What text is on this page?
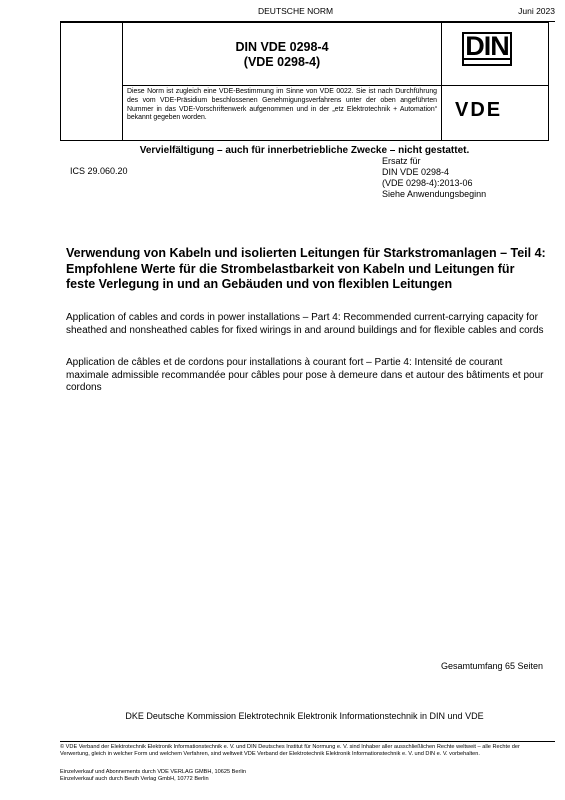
DEUTSCHE NORM	Juni 2023
DIN VDE 0298-4
(VDE 0298-4)
Diese Norm ist zugleich eine VDE-Bestimmung im Sinne von VDE 0022. Sie ist nach Durchführung des vom VDE-Präsidium beschlossenen Genehmigungsverfahrens unter der oben angeführten Nummer in das VDE-Vorschriftenwerk aufgenommen und in der „etz Elektrotechnik + Automation“ bekannt gegeben worden.
DIN
VDE
Vervielfältigung – auch für innerbetriebliche Zwecke – nicht gestattet.
ICS 29.060.20
Ersatz für
DIN VDE 0298-4
(VDE 0298-4):2013-06
Siehe Anwendungsbeginn
Verwendung von Kabeln und isolierten Leitungen für Starkstromanlagen – Teil 4: Empfohlene Werte für die Strombelastbarkeit von Kabeln und Leitungen für feste Verlegung in und an Gebäuden und von flexiblen Leitungen
Application of cables and cords in power installations – Part 4: Recommended current-carrying capacity for sheathed and nonsheathed cables for fixed wirings in and around buildings and for flexible cables and cords
Application de câbles et de cordons pour installations à courant fort – Partie 4: Intensité de courant maximale admissible recommandée pour câbles pour pose à demeure dans et autour des bâtiments et pour cordons
Gesamtumfang 65 Seiten
DKE Deutsche Kommission Elektrotechnik Elektronik Informationstechnik in DIN und VDE
© VDE Verband der Elektrotechnik Elektronik Informationstechnik e. V. und DIN Deutsches Institut für Normung e. V. sind Inhaber aller ausschließlichen Rechte weltweit – alle Rechte der Verwertung, gleich in welcher Form und welchem Verfahren, sind weltweit VDE Verband der Elektrotechnik Elektronik Informationstechnik e. V. und DIN e. V. vorbehalten.
Einzelverkauf und Abonnements durch VDE VERLAG GMBH, 10625 Berlin
Einzelverkauf auch durch Beuth Verlag GmbH, 10772 Berlin
